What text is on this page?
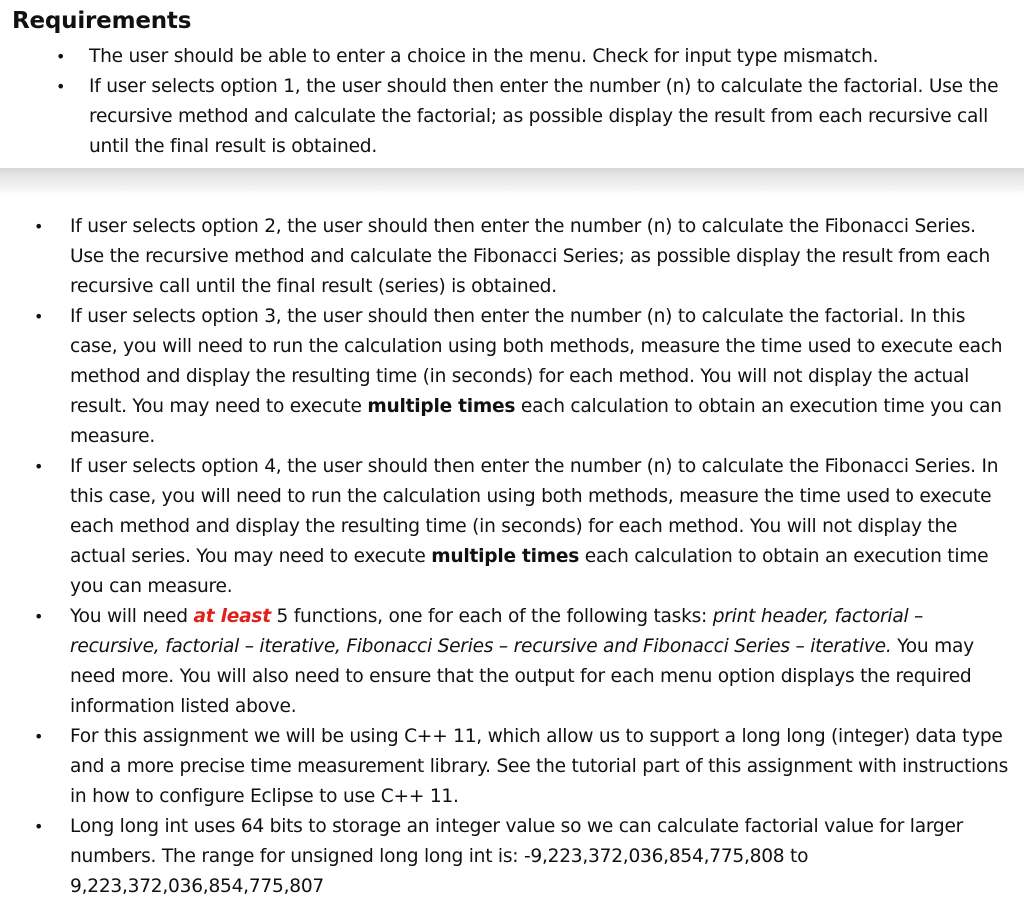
Requirements
• The user should be able to enter a choice in the menu. Check for input type mismatch.
• If user selects option 1, the user should then enter the number (n) to calculate the factorial. Use the recursive method and calculate the factorial; as possible display the result from each recursive call until the final result is obtained.
• If user selects option 2, the user should then enter the number (n) to calculate the Fibonacci Series. Use the recursive method and calculate the Fibonacci Series; as possible display the result from each recursive call until the final result (series) is obtained.
• If user selects option 3, the user should then enter the number (n) to calculate the factorial. In this case, you will need to run the calculation using both methods, measure the time used to execute each method and display the resulting time (in seconds) for each method. You will not display the actual result. You may need to execute multiple times each calculation to obtain an execution time you can measure.
• If user selects option 4, the user should then enter the number (n) to calculate the Fibonacci Series. In this case, you will need to run the calculation using both methods, measure the time used to execute each method and display the resulting time (in seconds) for each method. You will not display the actual series. You may need to execute multiple times each calculation to obtain an execution time you can measure.
• You will need at least 5 functions, one for each of the following tasks: print header, factorial – recursive, factorial – iterative, Fibonacci Series – recursive and Fibonacci Series – iterative. You may need more. You will also need to ensure that the output for each menu option displays the required information listed above.
• For this assignment we will be using C++ 11, which allow us to support a long long (integer) data type and a more precise time measurement library. See the tutorial part of this assignment with instructions in how to configure Eclipse to use C++ 11.
• Long long int uses 64 bits to storage an integer value so we can calculate factorial value for larger numbers. The range for unsigned long long int is: -9,223,372,036,854,775,808 to 9,223,372,036,854,775,807
